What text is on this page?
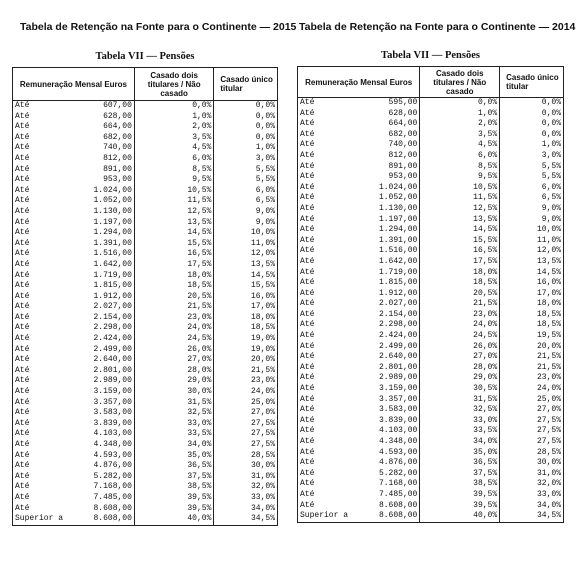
Tabela de Retenção na Fonte para o Continente — 2015
Tabela VII — Pensões
Remuneração Mensal Euros	Casado dois titulares / Não casado	Casado único titular

Até 607,00	0,0%	0,0%

Até 628,00	1,0%	0,0%

Até 664,00	2,0%	0,0%

Até 682,00	3,5%	0,0%

Até 740,00	4,5%	1,0%

Até 812,00	6,0%	3,0%

Até 891,00	8,5%	5,5%

Até 953,00	9,5%	5,5%

Até 1.024,00	10,5%	6,0%

Até 1.052,00	11,5%	6,5%

Até 1.130,00	12,5%	9,0%

Até 1.197,00	13,5%	9,0%

Até 1.294,00	14,5%	10,0%

Até 1.391,00	15,5%	11,0%

Até 1.516,00	16,5%	12,0%

Até 1.642,00	17,5%	13,5%

Até 1.719,00	18,0%	14,5%

Até 1.815,00	18,5%	15,5%

Até 1.912,00	20,5%	16,0%

Até 2.027,00	21,5%	17,0%

Até 2.154,00	23,0%	18,0%

Até 2.298,00	24,0%	18,5%

Até 2.424,00	24,5%	19,0%

Até 2.499,00	26,0%	19,0%

Até 2.640,00	27,0%	20,0%

Até 2.801,00	28,0%	21,5%

Até 2.989,00	29,0%	23,0%

Até 3.159,00	30,0%	24,0%

Até 3.357,00	31,5%	25,0%

Até 3.583,00	32,5%	27,0%

Até 3.839,00	33,0%	27,5%

Até 4.103,00	33,5%	27,5%

Até 4.348,00	34,0%	27,5%

Até 4.593,00	35,0%	28,5%

Até 4.876,00	36,5%	30,0%

Até 5.282,00	37,5%	31,0%

Até 7.168,00	38,5%	32,0%

Até 7.485,00	39,5%	33,0%

Até 8.608,00	39,5%	34,0%

Superior a 8.608,00	40,0%	34,5%
Tabela de Retenção na Fonte para o Continente — 2014
Tabela VII — Pensões
Remuneração Mensal Euros	Casado dois titulares / Não casado	Casado único titular

Até 595,00	0,0%	0,0%

Até 628,00	1,0%	0,0%

Até 664,00	2,0%	0,0%

Até 682,00	3,5%	0,0%

Até 740,00	4,5%	1,0%

Até 812,00	6,0%	3,0%

Até 891,00	8,5%	5,5%

Até 953,00	9,5%	5,5%

Até 1.024,00	10,5%	6,0%

Até 1.052,00	11,5%	6,5%

Até 1.130,00	12,5%	9,0%

Até 1.197,00	13,5%	9,0%

Até 1.294,00	14,5%	10,0%

Até 1.391,00	15,5%	11,0%

Até 1.516,00	16,5%	12,0%

Até 1.642,00	17,5%	13,5%

Até 1.719,00	18,0%	14,5%

Até 1.815,00	18,5%	16,0%

Até 1.912,00	20,5%	17,0%

Até 2.027,00	21,5%	18,0%

Até 2.154,00	23,0%	18,5%

Até 2.298,00	24,0%	18,5%

Até 2.424,00	24,5%	19,5%

Até 2.499,00	26,0%	20,0%

Até 2.640,00	27,0%	21,5%

Até 2.801,00	28,0%	21,5%

Até 2.989,00	29,0%	23,0%

Até 3.159,00	30,5%	24,0%

Até 3.357,00	31,5%	25,0%

Até 3.583,00	32,5%	27,0%

Até 3.839,00	33,0%	27,5%

Até 4.103,00	33,5%	27,5%

Até 4.348,00	34,0%	27,5%

Até 4.593,00	35,0%	28,5%

Até 4.876,00	36,5%	30,0%

Até 5.282,00	37,5%	31,0%

Até 7.168,00	38,5%	32,0%

Até 7.485,00	39,5%	33,0%

Até 8.608,00	39,5%	34,0%

Superior a 8.608,00	40,0%	34,5%
